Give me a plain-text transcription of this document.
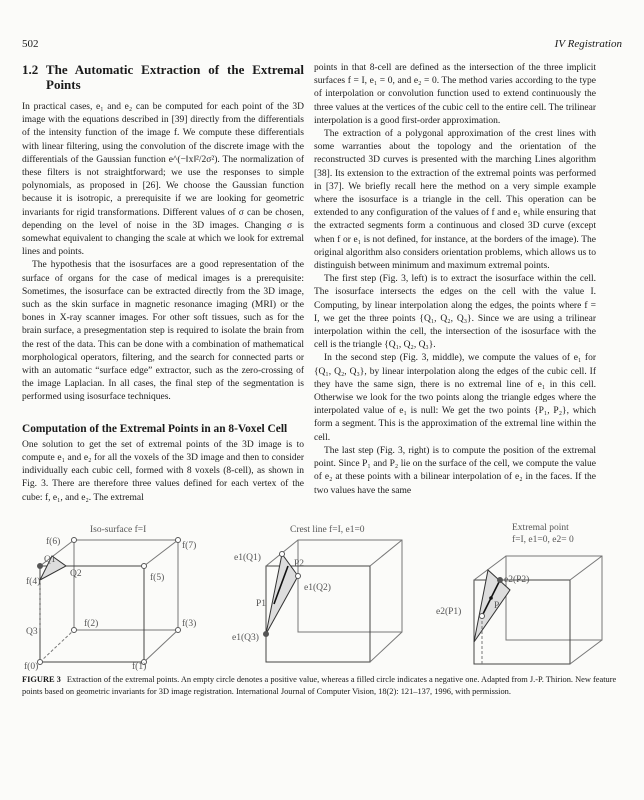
502	IV Registration
1.2 The Automatic Extraction of the Extremal Points

In practical cases, e₁ and e₂ can be computed for each point of the 3D image with the equations described in [39] directly from the differentials of the intensity function of the image f. We compute these differentials with linear filtering, using the convolution of the discrete image with the differentials of the Gaussian function e^(−‖x‖²/2σ²). The normalization of these filters is not straightforward; we use the responses to simple polynomials, as proposed in [26]. We choose the Gaussian function because it is isotropic, a prerequisite if we are looking for geometric invariants for rigid transformations. Different values of σ can be chosen, depending on the level of noise in the 3D images. Changing σ is somewhat equivalent to changing the scale at which we look for extremal lines and points.

The hypothesis that the isosurfaces are a good representation of the surface of organs for the case of medical images is a prerequisite: Sometimes, the isosurface can be extracted directly from the 3D image, such as the skin surface in magnetic resonance imaging (MRI) or the bones in X-ray scanner images. For other soft tissues, such as for the brain surface, a presegmentation step is required to isolate the brain from the rest of the data. This can be done with a combination of mathematical morphological operators, filtering, and the search for connected parts or with an automatic “surface edge” extractor, such as the zero-crossing of the image Laplacian. In all cases, the final step of the segmentation is performed using isosurface techniques.

Computation of the Extremal Points in an 8-Voxel Cell

One solution to get the set of extremal points of the 3D image is to compute e₁ and e₂ for all the voxels of the 3D image and then to consider individually each cubic cell, formed with 8 voxels (8-cell), as shown in Fig. 3. There are therefore three values defined for each vertex of the cube: f, e₁, and e₂. The extremal

points in that 8-cell are defined as the intersection of the three implicit surfaces f = I, e₁ = 0, and e₂ = 0. The method varies according to the type of interpolation or convolution function used to extend continuously the three values at the vertices of the cubic cell to the entire cell. The trilinear interpolation is a good first-order approximation.

The extraction of a polygonal approximation of the crest lines with some warranties about the topology and the orientation of the reconstructed 3D curves is presented with the marching Lines algorithm [38]. Its extension to the extraction of the extremal points was performed in [37]. We briefly recall here the method on a very simple example where the isosurface is a triangle in the cell. This operation can be extended to any configuration of the values of f and e₁ while ensuring that the extracted segments form a continuous and closed 3D curve (except when f or e₁ is not defined, for instance, at the borders of the image). The original algorithm also considers orientation problems, which allows us to distinguish between minimum and maximum extremal points.

The first step (Fig. 3, left) is to extract the isosurface within the cell. The isosurface intersects the edges on the cell with the value I. Computing, by linear interpolation along the edges, the points where f = I, we get the three points {Q₁, Q₂, Q₃}. Since we are using a trilinear interpolation within the cell, the intersection of the isosurface with the cell is the triangle {Q₁, Q₂, Q₃}.

In the second step (Fig. 3, middle), we compute the values of e₁ for {Q₁, Q₂, Q₃}, by linear interpolation along the edges of the cubic cell. If they have the same sign, there is no extremal line of e₁ in this cell. Otherwise we look for the two points along the triangle edges where the interpolated value of e₁ is null: We get the two points {P₁, P₂}, which form a segment. This is the approximation of the extremal line within the cell.

The last step (Fig. 3, right) is to compute the position of the extremal point. Since P₁ and P₂ lie on the surface of the cell, we compute the value of e₂ at these points with a bilinear interpolation of e₂ in the faces. If the two values have the same

Iso-surface f=I
f(6)	f(7)
Q1
Q2
f(4)	f(5)
Q3
f(2)	f(3)
f(0)	f(1)
Crest line f=I, e1=0
e1(Q1)
P2
e1(Q2)
P1
e1(Q3)
Extremal point
f=I, e1=0, e2= 0
e2(P2)
P
e2(P1)
FIGURE 3 Extraction of the extremal points. An empty circle denotes a positive value, whereas a filled circle indicates a negative one. Adapted from J.-P. Thirion. New feature points based on geometric invariants for 3D image registration. International Journal of Computer Vision, 18(2): 121–137, 1996, with permission.
